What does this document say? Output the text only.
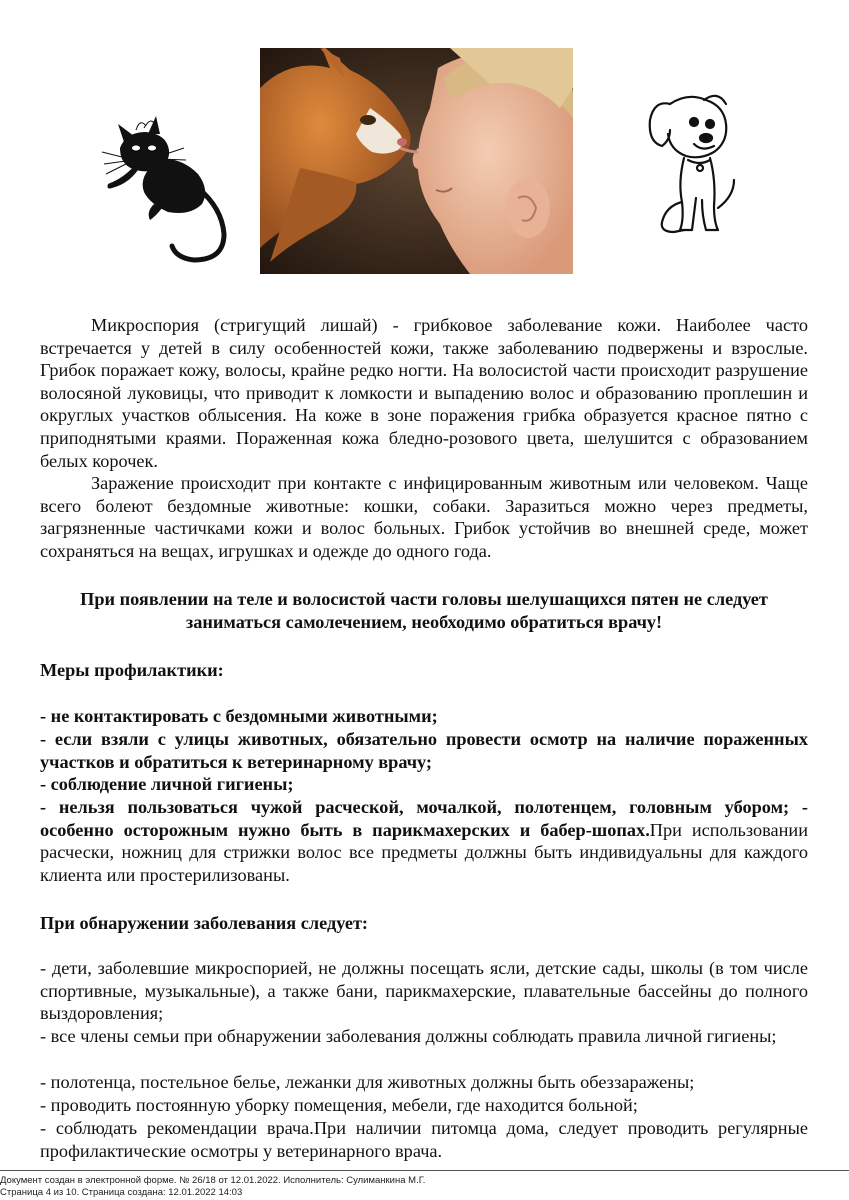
Микроспория (стригущий лишай) - грибковое заболевание кожи. Наиболее часто встречается у детей в силу особенностей кожи, также заболеванию подвержены и взрослые. Грибок поражает кожу, волосы, крайне редко ногти. На волосистой части происходит разрушение волосяной луковицы, что приводит к ломкости и выпадению волос и образованию проплешин и округлых участков облысения. На коже в зоне поражения грибка образуется красное пятно с приподнятыми краями. Пораженная кожа бледно-розового цвета, шелушится с образованием белых корочек.

Заражение происходит при контакте с инфицированным животным или человеком. Чаще всего болеют бездомные животные: кошки, собаки. Заразиться можно через предметы, загрязненные частичками кожи и волос больных. Грибок устойчив во внешней среде, может сохраняться на вещах, игрушках и одежде до одного года.

При появлении на теле и волосистой части головы шелушащихся пятен не следует заниматься самолечением, необходимо обратиться врачу!

Меры профилактики:

- не контактировать с бездомными животными;

- если взяли с улицы животных, обязательно провести осмотр на наличие пораженных участков и обратиться к ветеринарному врачу;

- соблюдение личной гигиены;

- нельзя пользоваться чужой расческой, мочалкой, полотенцем, головным убором; - особенно осторожным нужно быть в парикмахерских и бабер-шопах.При использовании расчески, ножниц для стрижки волос все предметы должны быть индивидуальны для каждого клиента или простерилизованы.

При обнаружении заболевания следует:

- дети, заболевшие микроспорией, не должны посещать ясли, детские сады, школы (в том числе спортивные, музыкальные), а также бани, парикмахерские, плавательные бассейны до полного выздоровления;

- все члены семьи при обнаружении заболевания должны соблюдать правила личной гигиены;

- полотенца, постельное белье, лежанки для животных должны быть обеззаражены;

- проводить постоянную уборку помещения, мебели, где находится больной;

- соблюдать рекомендации врача.При наличии питомца дома, следует проводить регулярные профилактические осмотры у ветеринарного врача.

Документ создан в электронной форме. № 26/18 от 12.01.2022. Исполнитель: Сулиманкина М.Г.
Страница 4 из 10. Страница создана: 12.01.2022 14:03
